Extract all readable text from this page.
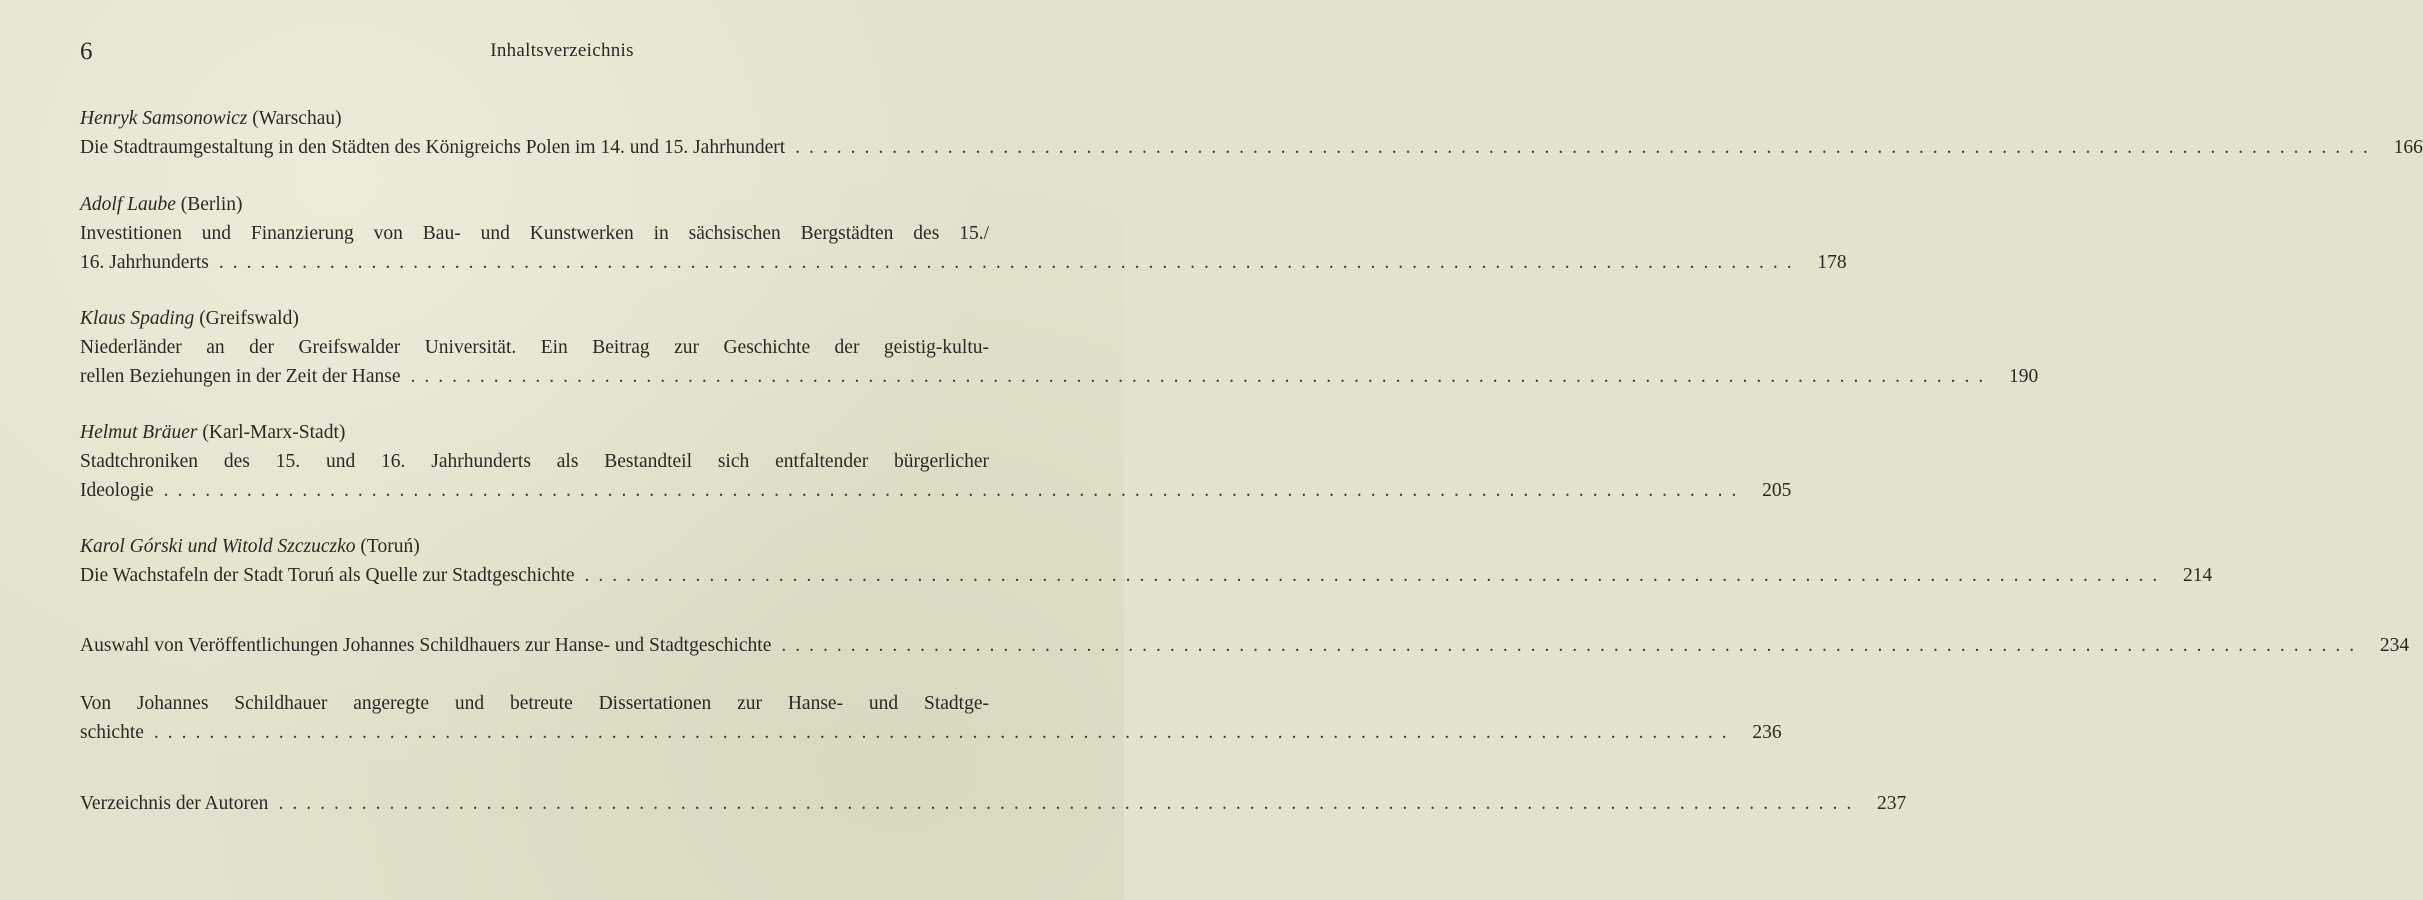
6	Inhaltsverzeichnis
Henryk Samsonowicz (Warschau)
Die Stadtraumgestaltung in den Städten des Königreichs Polen im 14. und 15. Jahrhundert .................................................................................................................. 166
Adolf Laube (Berlin)
Investitionen und Finanzierung von Bau- und Kunstwerken in sächsischen Bergstädten des 15./
16. Jahrhunderts .................................................................................................................. 178
Klaus Spading (Greifswald)
Niederländer an der Greifswalder Universität. Ein Beitrag zur Geschichte der geistig-kultu-
rellen Beziehungen in der Zeit der Hanse .................................................................................................................. 190
Helmut Bräuer (Karl-Marx-Stadt)
Stadtchroniken des 15. und 16. Jahrhunderts als Bestandteil sich entfaltender bürgerlicher
Ideologie .................................................................................................................. 205
Karol Górski und Witold Szczuczko (Toruń)
Die Wachstafeln der Stadt Toruń als Quelle zur Stadtgeschichte .................................................................................................................. 214
Auswahl von Veröffentlichungen Johannes Schildhauers zur Hanse- und Stadtgeschichte .................................................................................................................. 234
Von Johannes Schildhauer angeregte und betreute Dissertationen zur Hanse- und Stadtge-
schichte .................................................................................................................. 236
Verzeichnis der Autoren .................................................................................................................. 237
